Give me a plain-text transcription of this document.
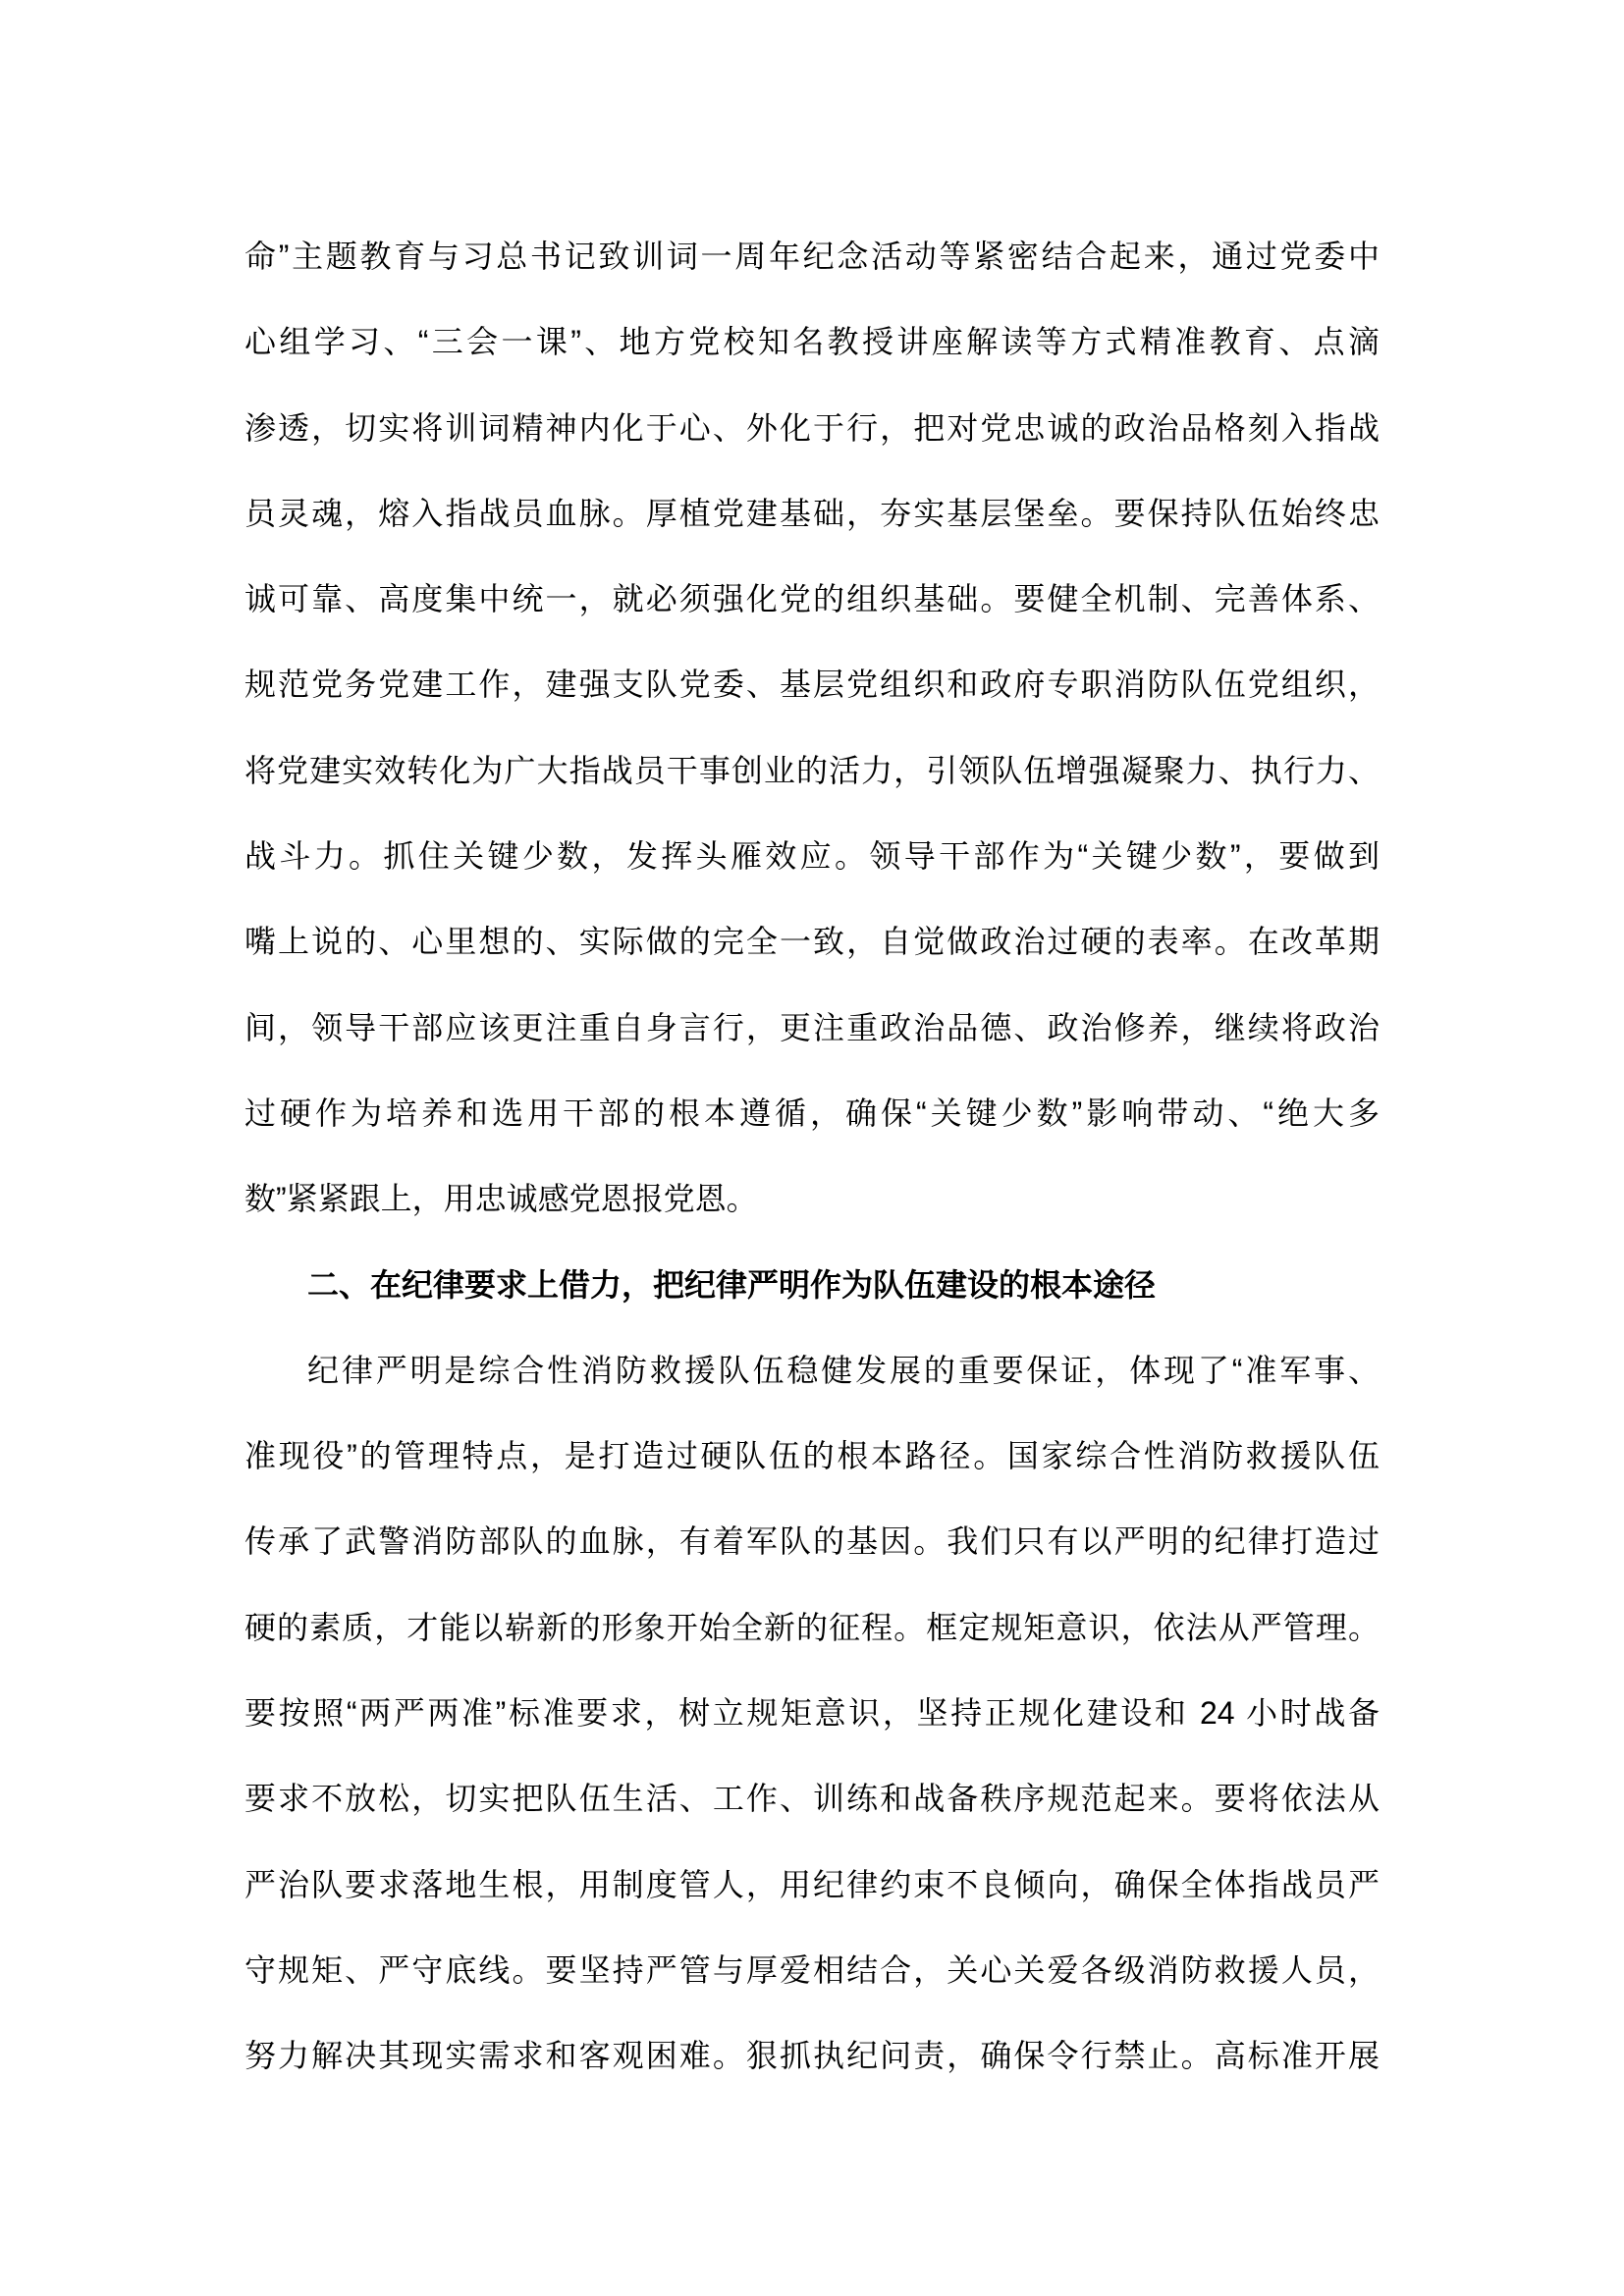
命”主题教育与习总书记致训词一周年纪念活动等紧密结合起来，通过党委中
心组学习、“三会一课”、地方党校知名教授讲座解读等方式精准教育、点滴
渗透，切实将训词精神内化于心、外化于行，把对党忠诚的政治品格刻入指战
员灵魂，熔入指战员血脉。厚植党建基础，夯实基层堡垒。要保持队伍始终忠
诚可靠、高度集中统一，就必须强化党的组织基础。要健全机制、完善体系、
规范党务党建工作，建强支队党委、基层党组织和政府专职消防队伍党组织，
将党建实效转化为广大指战员干事创业的活力，引领队伍增强凝聚力、执行力、
战斗力。抓住关键少数，发挥头雁效应。领导干部作为“关键少数”，要做到
嘴上说的、心里想的、实际做的完全一致，自觉做政治过硬的表率。在改革期
间，领导干部应该更注重自身言行，更注重政治品德、政治修养，继续将政治
过硬作为培养和选用干部的根本遵循，确保“关键少数”影响带动、“绝大多
数”紧紧跟上，用忠诚感党恩报党恩。
二、在纪律要求上借力，把纪律严明作为队伍建设的根本途径
纪律严明是综合性消防救援队伍稳健发展的重要保证，体现了“准军事、
准现役”的管理特点，是打造过硬队伍的根本路径。国家综合性消防救援队伍
传承了武警消防部队的血脉，有着军队的基因。我们只有以严明的纪律打造过
硬的素质，才能以崭新的形象开始全新的征程。框定规矩意识，依法从严管理。
要按照“两严两准”标准要求，树立规矩意识，坚持正规化建设和 24 小时战备
要求不放松，切实把队伍生活、工作、训练和战备秩序规范起来。要将依法从
严治队要求落地生根，用制度管人，用纪律约束不良倾向，确保全体指战员严
守规矩、严守底线。要坚持严管与厚爱相结合，关心关爱各级消防救援人员，
努力解决其现实需求和客观困难。狠抓执纪问责，确保令行禁止。高标准开展
